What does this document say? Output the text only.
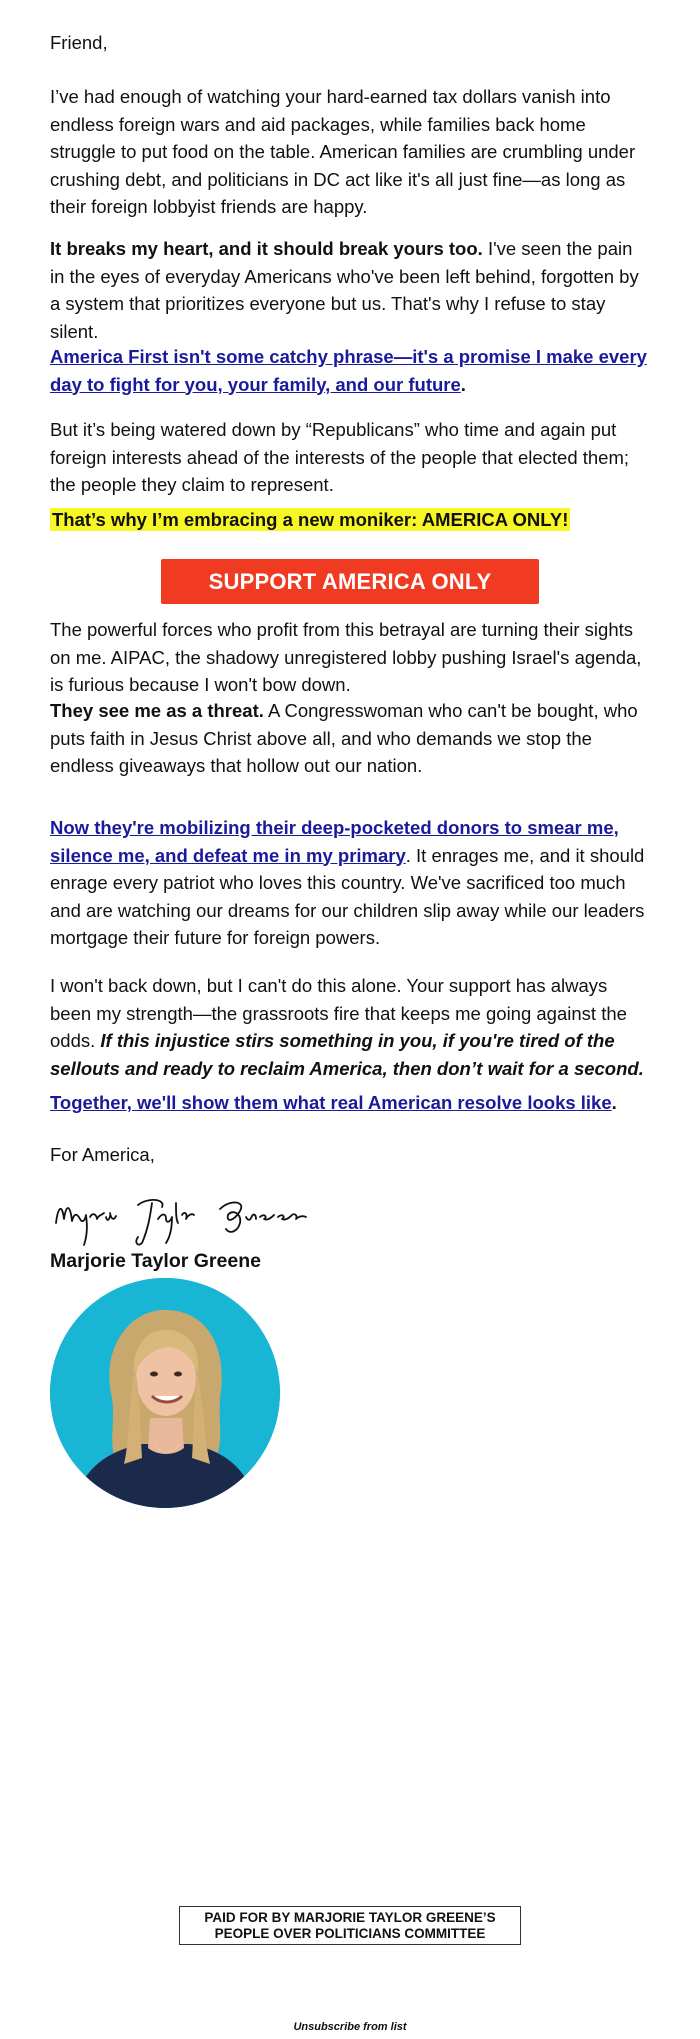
Friend,

I’ve had enough of watching your hard-earned tax dollars vanish into endless foreign wars and aid packages, while families back home struggle to put food on the table. American families are crumbling under crushing debt, and politicians in DC act like it's all just fine—as long as their foreign lobbyist friends are happy.

It breaks my heart, and it should break yours too. I've seen the pain in the eyes of everyday Americans who've been left behind, forgotten by a system that prioritizes everyone but us. That's why I refuse to stay silent.

America First isn't some catchy phrase—it's a promise I make every day to fight for you, your family, and our future.

But it’s being watered down by “Republicans” who time and again put foreign interests ahead of the interests of the people that elected them; the people they claim to represent.

That’s why I’m embracing a new moniker: AMERICA ONLY!

SUPPORT AMERICA ONLY

The powerful forces who profit from this betrayal are turning their sights on me. AIPAC, the shadowy unregistered lobby pushing Israel's agenda, is furious because I won't bow down.

They see me as a threat. A Congresswoman who can't be bought, who puts faith in Jesus Christ above all, and who demands we stop the endless giveaways that hollow out our nation.

Now they're mobilizing their deep-pocketed donors to smear me, silence me, and defeat me in my primary. It enrages me, and it should enrage every patriot who loves this country. We've sacrificed too much and are watching our dreams for our children slip away while our leaders mortgage their future for foreign powers.

I won't back down, but I can't do this alone. Your support has always been my strength—the grassroots fire that keeps me going against the odds. If this injustice stirs something in you, if you're tired of the sellouts and ready to reclaim America, then don’t wait for a second.

Together, we'll show them what real American resolve looks like.

For America,

Marjorie Taylor Greene
PAID FOR BY MARJORIE TAYLOR GREENE’S
PEOPLE OVER POLITICIANS COMMITTEE
Unsubscribe from list
